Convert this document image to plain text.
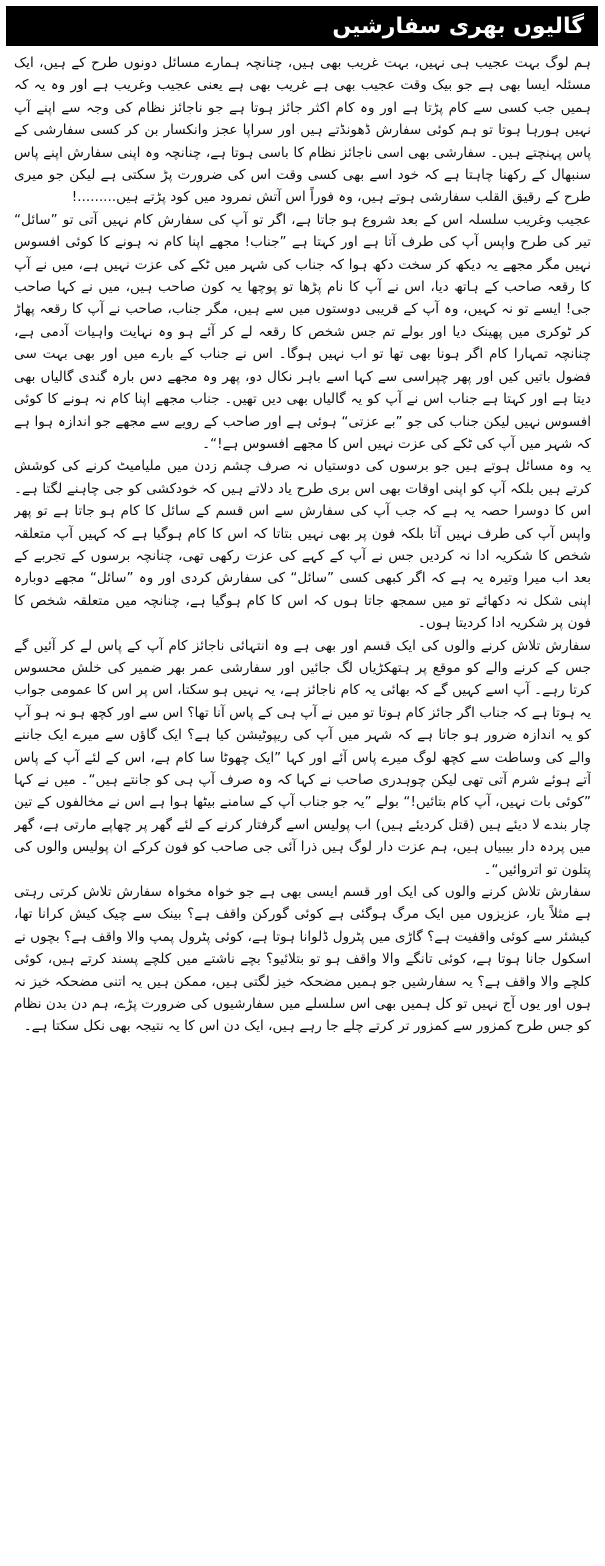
گالیوں بھری سفارشیں

ہم لوگ بہت عجیب ہی نہیں، بہت غریب بھی ہیں، چنانچہ ہمارے مسائل دونوں طرح کے ہیں، ایک مسئلہ ایسا بھی ہے جو بیک وقت عجیب بھی ہے غریب بھی ہے یعنی عجیب وغریب ہے اور وہ یہ کہ ہمیں جب کسی سے کام پڑتا ہے اور وہ کام اکثر جائز ہوتا ہے جو ناجائز نظام کی وجہ سے اپنے آپ نہیں ہورہا ہوتا تو ہم کوئی سفارش ڈھونڈتے ہیں اور سراپا عجز وانکسار بن کر کسی سفارشی کے پاس پہنچتے ہیں۔ سفارشی بھی اسی ناجائز نظام کا باسی ہوتا ہے، چنانچہ وہ اپنی سفارش اپنے پاس سنبھال کے رکھنا چاہتا ہے کہ خود اسے بھی کسی وقت اس کی ضرورت پڑ سکتی ہے لیکن جو میری طرح کے رقیق القلب سفارشی ہوتے ہیں، وہ فوراً اس آتش نمرود میں کود پڑتے ہیں.........!

عجیب وغریب سلسلہ اس کے بعد شروع ہو جاتا ہے، اگر تو آپ کی سفارش کام نہیں آتی تو ”سائل“ تیر کی طرح واپس آپ کی طرف آتا ہے اور کہتا ہے ”جناب! مجھے اپنا کام نہ ہونے کا کوئی افسوس نہیں مگر مجھے یہ دیکھ کر سخت دکھ ہوا کہ جناب کی شہر میں ٹکے کی عزت نہیں ہے، میں نے آپ کا رقعہ صاحب کے ہاتھ دیا، اس نے آپ کا نام پڑھا تو پوچھا یہ کون صاحب ہیں، میں نے کہا صاحب جی! ایسے تو نہ کہیں، وہ آپ کے قریبی دوستوں میں سے ہیں، مگر جناب، صاحب نے آپ کا رقعہ پھاڑ کر ٹوکری میں پھینک دیا اور بولے تم جس شخص کا رقعہ لے کر آئے ہو وہ نہایت واہیات آدمی ہے، چنانچہ تمہارا کام اگر ہونا بھی تھا تو اب نہیں ہوگا۔ اس نے جناب کے بارے میں اور بھی بہت سی فضول باتیں کیں اور پھر چپراسی سے کہا اسے باہر نکال دو، پھر وہ مجھے دس بارہ گندی گالیاں بھی دیتا ہے اور کہتا ہے جناب اس نے آپ کو یہ گالیاں بھی دیں تھیں۔ جناب مجھے اپنا کام نہ ہونے کا کوئی افسوس نہیں لیکن جناب کی جو ”بے عزتی“ ہوئی ہے اور صاحب کے رویے سے مجھے جو اندازہ ہوا ہے کہ شہر میں آپ کی ٹکے کی عزت نہیں اس کا مجھے افسوس ہے!“۔

یہ وہ مسائل ہوتے ہیں جو برسوں کی دوستیاں نہ صرف چشم زدن میں ملیامیٹ کرنے کی کوشش کرتے ہیں بلکہ آپ کو اپنی اوقات بھی اس بری طرح یاد دلاتے ہیں کہ خودکشی کو جی چاہنے لگتا ہے۔ اس کا دوسرا حصہ یہ ہے کہ جب آپ کی سفارش سے اس قسم کے سائل کا کام ہو جاتا ہے تو پھر واپس آپ کی طرف نہیں آتا بلکہ فون پر بھی نہیں بتاتا کہ اس کا کام ہوگیا ہے کہ کہیں آپ متعلقہ شخص کا شکریہ ادا نہ کردیں جس نے آپ کے کہے کی عزت رکھی تھی، چنانچہ برسوں کے تجربے کے بعد اب میرا وتیرہ یہ ہے کہ اگر کبھی کسی ”سائل“ کی سفارش کردی اور وہ ”سائل“ مجھے دوبارہ اپنی شکل نہ دکھائے تو میں سمجھ جاتا ہوں کہ اس کا کام ہوگیا ہے، چنانچہ میں متعلقہ شخص کا فون پر شکریہ ادا کردیتا ہوں۔

سفارش تلاش کرنے والوں کی ایک قسم اور بھی ہے وہ انتہائی ناجائز کام آپ کے پاس لے کر آئیں گے جس کے کرنے والے کو موقع پر ہتھکڑیاں لگ جائیں اور سفارشی عمر بھر ضمیر کی خلش محسوس کرتا رہے۔ آپ اسے کہیں گے کہ بھائی یہ کام ناجائز ہے، یہ نہیں ہو سکتا، اس پر اس کا عمومی جواب یہ ہوتا ہے کہ جناب اگر جائز کام ہوتا تو میں نے آپ ہی کے پاس آنا تھا؟ اس سے اور کچھ ہو نہ ہو آپ کو یہ اندازہ ضرور ہو جاتا ہے کہ شہر میں آپ کی ریپوٹیشن کیا ہے؟ ایک گاؤں سے میرے ایک جاننے والے کی وساطت سے کچھ لوگ میرے پاس آئے اور کہا ”ایک چھوٹا سا کام ہے، اس کے لئے آپ کے پاس آتے ہوئے شرم آتی تھی لیکن چوہدری صاحب نے کہا کہ وہ صرف آپ ہی کو جانتے ہیں“۔ میں نے کہا ”کوئی بات نہیں، آپ کام بتائیں!“ بولے ”یہ جو جناب آپ کے سامنے بیٹھا ہوا ہے اس نے مخالفوں کے تین چار بندے لا دیئے ہیں (قتل کردیئے ہیں) اب پولیس اسے گرفتار کرنے کے لئے گھر پر چھاپے مارتی ہے، گھر میں پردہ دار بیبیاں ہیں، ہم عزت دار لوگ ہیں ذرا آئی جی صاحب کو فون کرکے ان پولیس والوں کی پتلون تو اتروائیں“۔

سفارش تلاش کرنے والوں کی ایک اور قسم ایسی بھی ہے جو خواہ مخواہ سفارش تلاش کرتی رہتی ہے مثلاً یار، عزیزوں میں ایک مرگ ہوگئی ہے کوئی گورکن واقف ہے؟ بینک سے چیک کیش کرانا تھا، کیشئر سے کوئی واقفیت ہے؟ گاڑی میں پٹرول ڈلوانا ہوتا ہے، کوئی پٹرول پمپ والا واقف ہے؟ بچوں نے اسکول جانا ہوتا ہے، کوئی تانگے والا واقف ہو تو بتلائیو؟ بچے ناشتے میں کلچے پسند کرتے ہیں، کوئی کلچے والا واقف ہے؟ یہ سفارشیں جو ہمیں مضحکہ خیز لگتی ہیں، ممکن ہیں یہ اتنی مضحکہ خیز نہ ہوں اور یوں آج نہیں تو کل ہمیں بھی اس سلسلے میں سفارشیوں کی ضرورت پڑے، ہم دن بدن نظام کو جس طرح کمزور سے کمزور تر کرتے چلے جا رہے ہیں، ایک دن اس کا یہ نتیجہ بھی نکل سکتا ہے۔
